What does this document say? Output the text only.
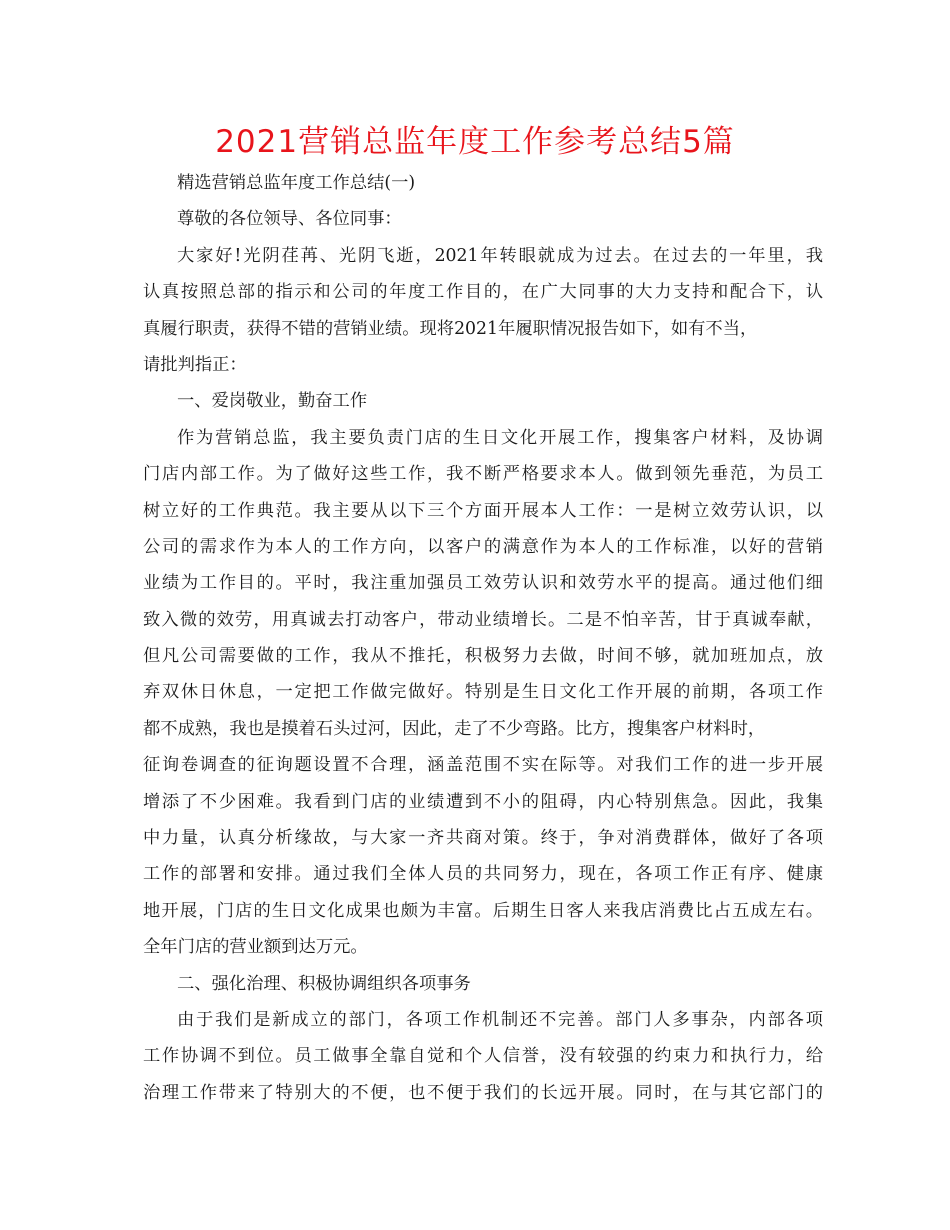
2021营销总监年度工作参考总结5篇
精选营销总监年度工作总结(一)
尊敬的各位领导、各位同事：
大家好!光阴荏苒、光阴飞逝，2021年转眼就成为过去。在过去的一年里，我
认真按照总部的指示和公司的年度工作目的，在广大同事的大力支持和配合下，认
真履行职责，获得不错的营销业绩。现将2021年履职情况报告如下，如有不当，
请批判指正：
一、爱岗敬业，勤奋工作
作为营销总监，我主要负责门店的生日文化开展工作，搜集客户材料，及协调
门店内部工作。为了做好这些工作，我不断严格要求本人。做到领先垂范，为员工
树立好的工作典范。我主要从以下三个方面开展本人工作：一是树立效劳认识，以
公司的需求作为本人的工作方向，以客户的满意作为本人的工作标准，以好的营销
业绩为工作目的。平时，我注重加强员工效劳认识和效劳水平的提高。通过他们细
致入微的效劳，用真诚去打动客户，带动业绩增长。二是不怕辛苦，甘于真诚奉献，
但凡公司需要做的工作，我从不推托，积极努力去做，时间不够，就加班加点，放
弃双休日休息，一定把工作做完做好。特别是生日文化工作开展的前期，各项工作
都不成熟，我也是摸着石头过河，因此，走了不少弯路。比方，搜集客户材料时，
征询卷调查的征询题设置不合理，涵盖范围不实在际等。对我们工作的进一步开展
增添了不少困难。我看到门店的业绩遭到不小的阻碍，内心特别焦急。因此，我集
中力量，认真分析缘故，与大家一齐共商对策。终于，争对消费群体，做好了各项
工作的部署和安排。通过我们全体人员的共同努力，现在，各项工作正有序、健康
地开展，门店的生日文化成果也颇为丰富。后期生日客人来我店消费比占五成左右。
全年门店的营业额到达万元。
二、强化治理、积极协调组织各项事务
由于我们是新成立的部门，各项工作机制还不完善。部门人多事杂，内部各项
工作协调不到位。员工做事全靠自觉和个人信誉，没有较强的约束力和执行力，给
治理工作带来了特别大的不便，也不便于我们的长远开展。同时，在与其它部门的
